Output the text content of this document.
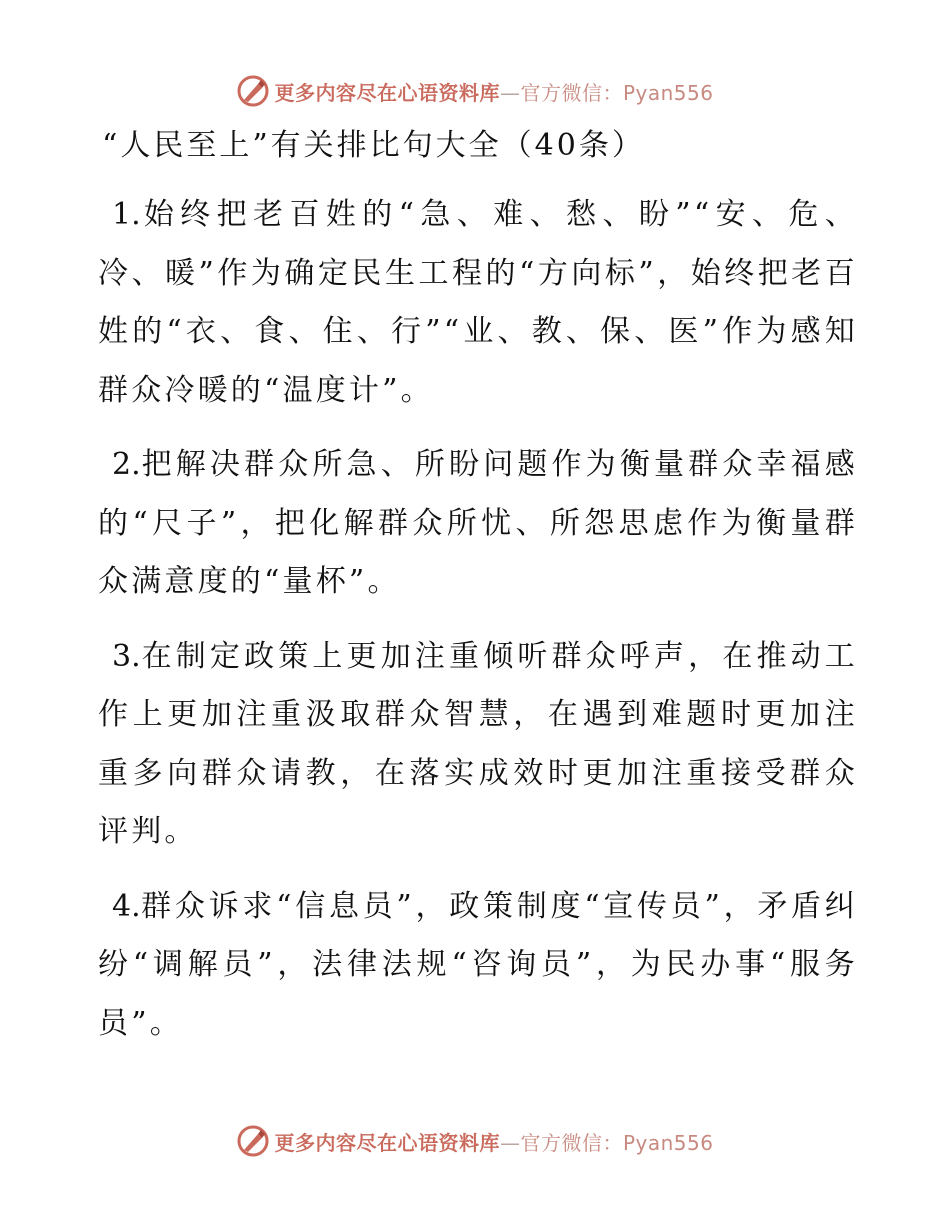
更多内容尽在心语资料库—官方微信：Pyan556
“人民至上”有关排比句大全（40条）

1.始终把老百姓的“急、难、愁、盼”“安、危、冷、暖”作为确定民生工程的“方向标”，始终把老百姓的“衣、食、住、行”“业、教、保、医”作为感知群众冷暖的“温度计”。

2.把解决群众所急、所盼问题作为衡量群众幸福感的“尺子”，把化解群众所忧、所怨思虑作为衡量群众满意度的“量杯”。

3.在制定政策上更加注重倾听群众呼声，在推动工作上更加注重汲取群众智慧，在遇到难题时更加注重多向群众请教，在落实成效时更加注重接受群众评判。

4.群众诉求“信息员”，政策制度“宣传员”，矛盾纠纷“调解员”，法律法规“咨询员”，为民办事“服务员”。

更多内容尽在心语资料库—官方微信：Pyan556
